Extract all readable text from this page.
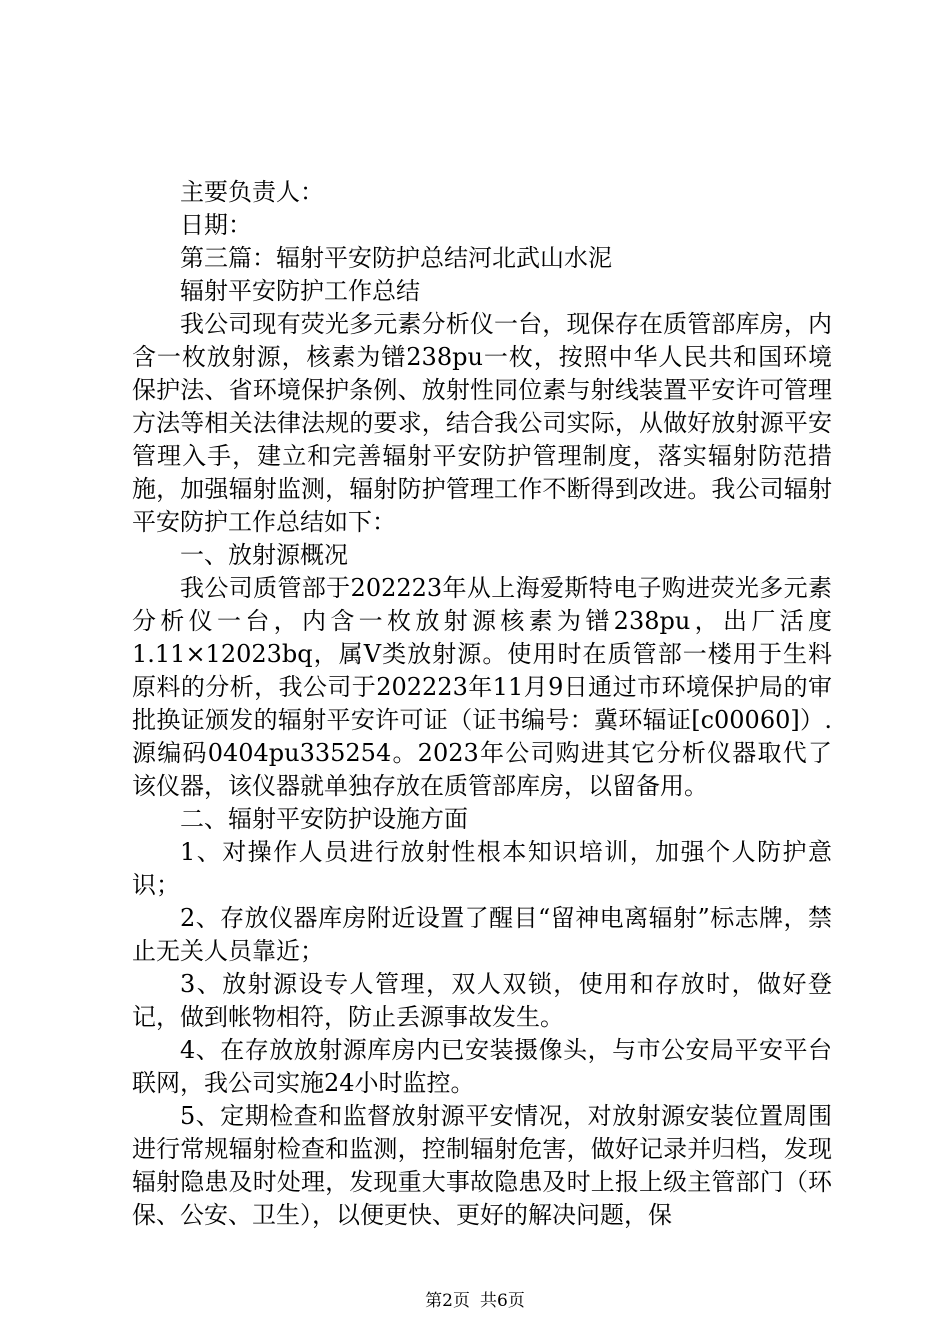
主要负责人：

日期：

第三篇：辐射平安防护总结河北武山水泥

辐射平安防护工作总结

我公司现有荧光多元素分析仪一台，现保存在质管部库房，内含一枚放射源，核素为镨238pu一枚，按照中华人民共和国环境保护法、省环境保护条例、放射性同位素与射线装置平安许可管理方法等相关法律法规的要求，结合我公司实际，从做好放射源平安管理入手，建立和完善辐射平安防护管理制度，落实辐射防范措施，加强辐射监测，辐射防护管理工作不断得到改进。我公司辐射平安防护工作总结如下：

一、放射源概况

我公司质管部于202223年从上海爱斯特电子购进荧光多元素分析仪一台，内含一枚放射源核素为镨238pu，出厂活度1.11×12023bq，属Ⅴ类放射源。使用时在质管部一楼用于生料原料的分析，我公司于202223年11月9日通过市环境保护局的审批换证颁发的辐射平安许可证（证书编号：冀环辐证[c00060]）.源编码0404pu335254。2023年公司购进其它分析仪器取代了该仪器，该仪器就单独存放在质管部库房，以留备用。

二、辐射平安防护设施方面

1、对操作人员进行放射性根本知识培训，加强个人防护意识；

2、存放仪器库房附近设置了醒目“留神电离辐射”标志牌，禁止无关人员靠近；

3、放射源设专人管理，双人双锁，使用和存放时，做好登记，做到帐物相符，防止丢源事故发生。

4、在存放放射源库房内已安装摄像头，与市公安局平安平台联网，我公司实施24小时监控。

5、定期检查和监督放射源平安情况，对放射源安装位置周围进行常规辐射检查和监测，控制辐射危害，做好记录并归档，发现辐射隐患及时处理，发现重大事故隐患及时上报上级主管部门（环保、公安、卫生），以便更快、更好的解决问题，保

第2页 共6页
